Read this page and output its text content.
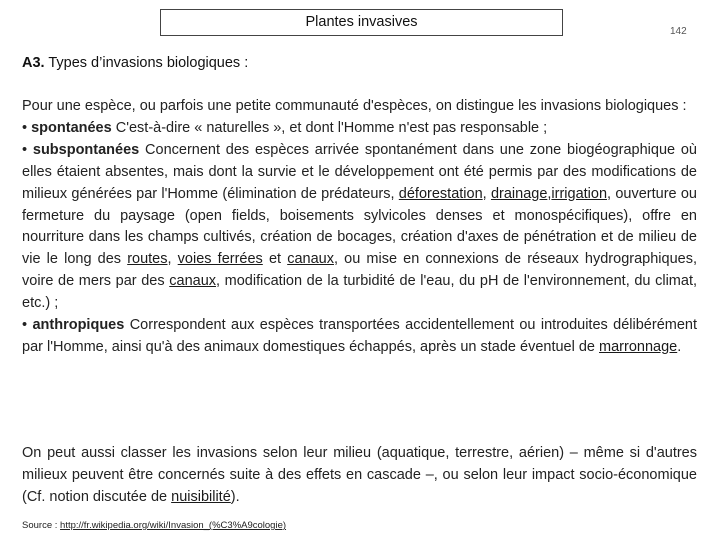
Plantes invasives
142
A3. Types d’invasions biologiques :

Pour une espèce, ou parfois une petite communauté d'espèces, on distingue les invasions biologiques :

• spontanées C'est-à-dire « naturelles », et dont l'Homme n'est pas responsable ;

• subspontanées Concernent des espèces arrivée spontanément dans une zone biogéographique où elles étaient absentes, mais dont la survie et le développement ont été permis par des modifications de milieux générées par l'Homme (élimination de prédateurs, déforestation, drainage,irrigation, ouverture ou fermeture du paysage (open fields, boisements sylvicoles denses et monospécifiques), offre en nourriture dans les champs cultivés, création de bocages, création d'axes de pénétration et de milieu de vie le long des routes, voies ferrées et canaux, ou mise en connexions de réseaux hydrographiques, voire de mers par des canaux, modification de la turbidité de l'eau, du pH de l'environnement, du climat, etc.) ;

• anthropiques Correspondent aux espèces transportées accidentellement ou introduites délibérément par l'Homme, ainsi qu'à des animaux domestiques échappés, après un stade éventuel de marronnage.

On peut aussi classer les invasions selon leur milieu (aquatique, terrestre, aérien) – même si d'autres milieux peuvent être concernés suite à des effets en cascade –, ou selon leur impact socio-économique (Cf. notion discutée de nuisibilité).

Source : http://fr.wikipedia.org/wiki/Invasion_(%C3%A9cologie)
